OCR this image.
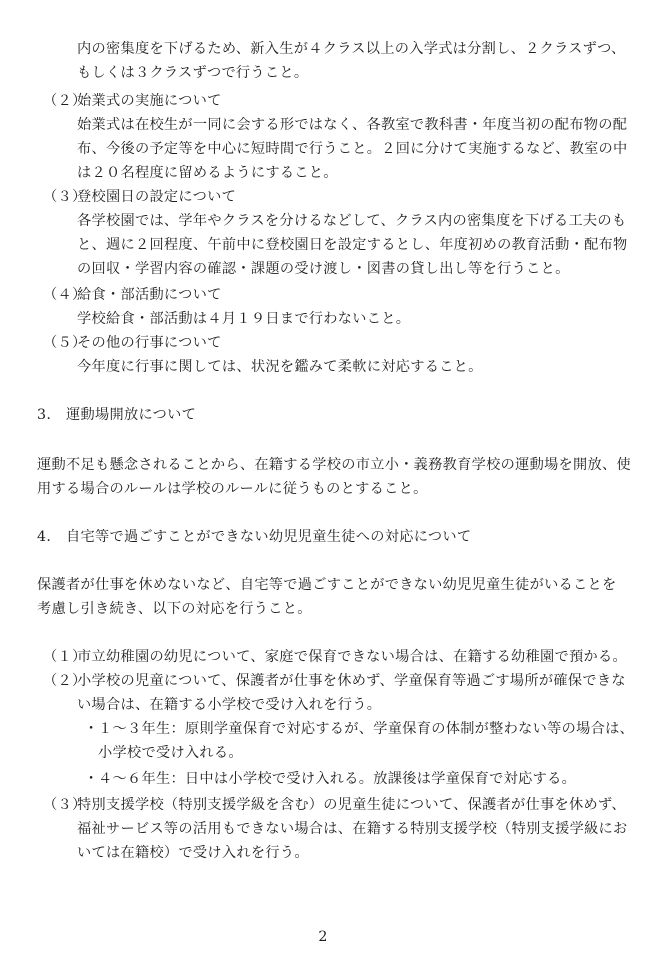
内の密集度を下げるため、新入生が４クラス以上の入学式は分割し、２クラスずつ、
もしくは３クラスずつで行うこと。
（２）
始業式の実施について
始業式は在校生が一同に会する形ではなく、各教室で教科書・年度当初の配布物の配
布、今後の予定等を中心に短時間で行うこと。２回に分けて実施するなど、教室の中
は２０名程度に留めるようにすること。
（３）
登校園日の設定について
各学校園では、学年やクラスを分けるなどして、クラス内の密集度を下げる工夫のも
と、週に２回程度、午前中に登校園日を設定するとし、年度初めの教育活動・配布物
の回収・学習内容の確認・課題の受け渡し・図書の貸し出し等を行うこと。
（４）
給食・部活動について
学校給食・部活動は４月１９日まで行わないこと。
（５）
その他の行事について
今年度に行事に関しては、状況を鑑みて柔軟に対応すること。
3. 運動場開放について
運動不足も懸念されることから、在籍する学校の市立小・義務教育学校の運動場を開放、使
用する場合のルールは学校のルールに従うものとすること。
4. 自宅等で過ごすことができない幼児児童生徒への対応について
保護者が仕事を休めないなど、自宅等で過ごすことができない幼児児童生徒がいることを
考慮し引き続き、以下の対応を行うこと。
（１）
市立幼稚園の幼児について、家庭で保育できない場合は、在籍する幼稚園で預かる。
（２）
小学校の児童について、保護者が仕事を休めず、学童保育等過ごす場所が確保できな
い場合は、在籍する小学校で受け入れを行う。
・ １～３年生：原則学童保育で対応するが、学童保育の体制が整わない等の場合は、
小学校で受け入れる。
・ ４～６年生：日中は小学校で受け入れる。放課後は学童保育で対応する。
（３）
特別支援学校（特別支援学級を含む）の児童生徒について、保護者が仕事を休めず、
福祉サービス等の活用もできない場合は、在籍する特別支援学校（特別支援学級にお
いては在籍校）で受け入れを行う。
2
